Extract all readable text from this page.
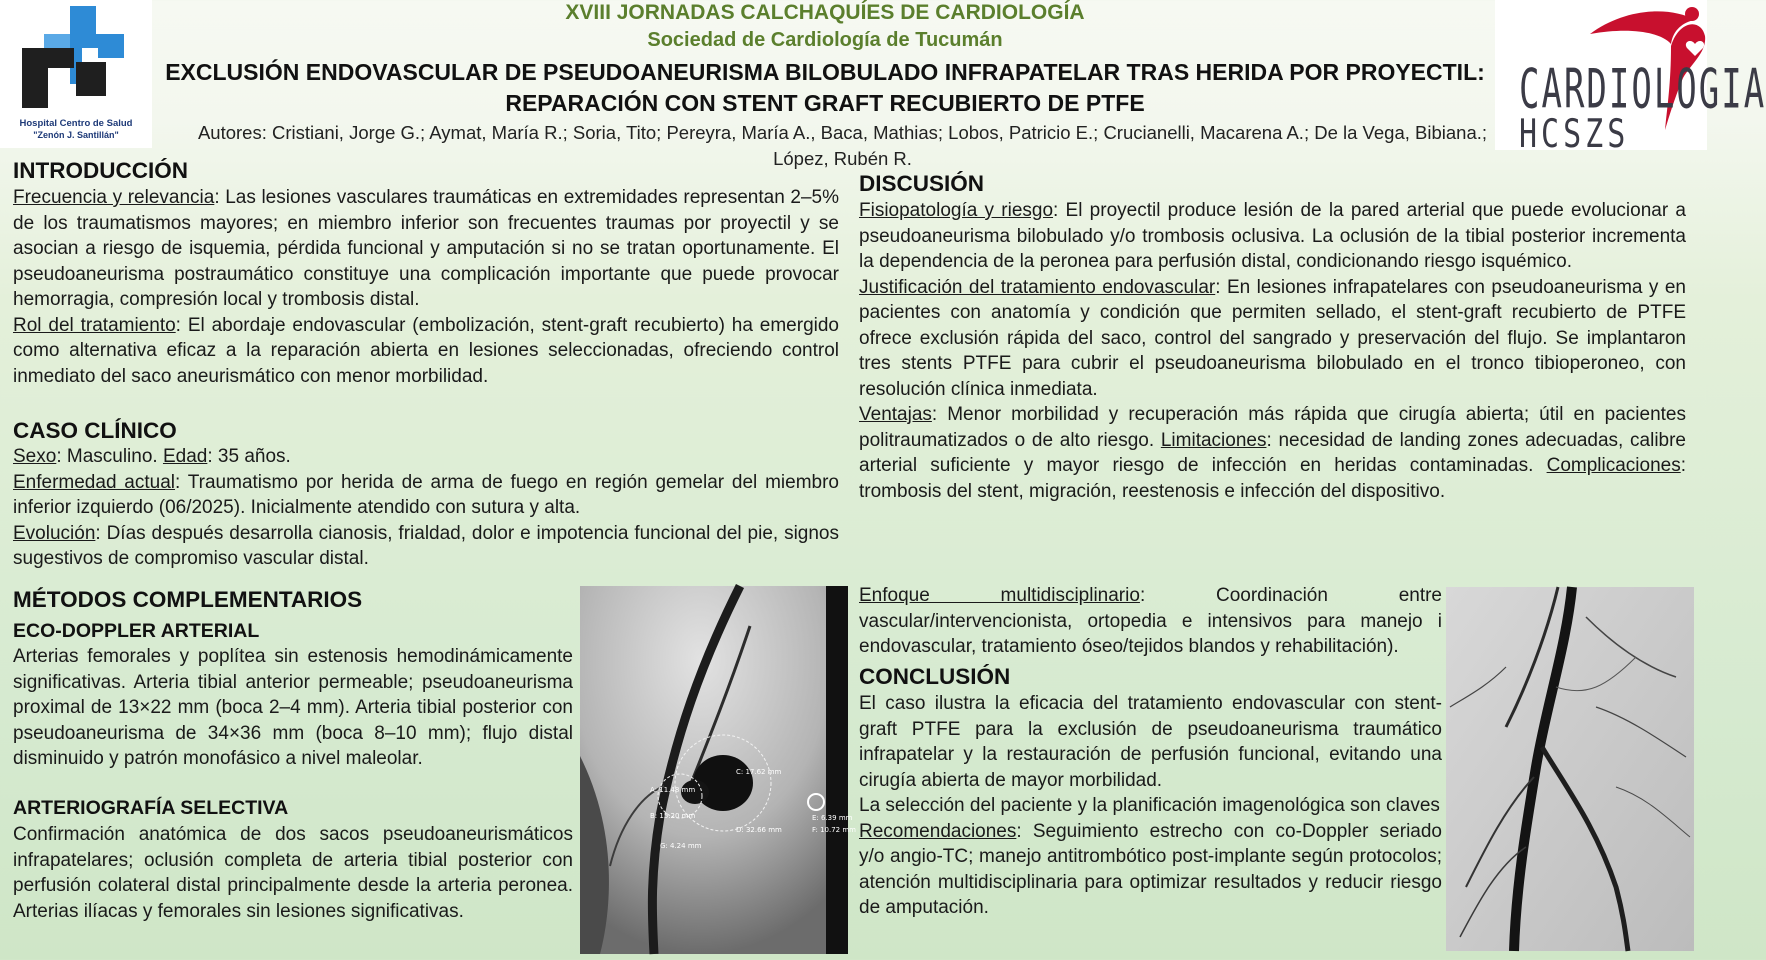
Hospital Centro de Salud
"Zenón J. Santillán"
CARDIOLOGIA
HCSZS
XVIII JORNADAS CALCHAQUÍES DE CARDIOLOGÍA
Sociedad de Cardiología de Tucumán
EXCLUSIÓN ENDOVASCULAR DE PSEUDOANEURISMA BILOBULADO INFRAPATELAR TRAS HERIDA POR PROYECTIL: REPARACIÓN CON STENT GRAFT RECUBIERTO DE PTFE
Autores: Cristiani, Jorge G.; Aymat, María R.; Soria, Tito; Pereyra, María A., Baca, Mathias; Lobos, Patricio E.; Crucianelli, Macarena A.; De la Vega, Bibiana.; López, Rubén R.
INTRODUCCIÓN
Frecuencia y relevancia: Las lesiones vasculares traumáticas en extremidades representan 2–5% de los traumatismos mayores; en miembro inferior son frecuentes traumas por proyectil y se asocian a riesgo de isquemia, pérdida funcional y amputación si no se tratan oportunamente. El pseudoaneurisma postraumático constituye una complicación importante que puede provocar hemorragia, compresión local y trombosis distal.
Rol del tratamiento: El abordaje endovascular (embolización, stent-graft recubierto) ha emergido como alternativa eficaz a la reparación abierta en lesiones seleccionadas, ofreciendo control inmediato del saco aneurismático con menor morbilidad.
CASO CLÍNICO
Sexo: Masculino. Edad: 35 años.
Enfermedad actual: Traumatismo por herida de arma de fuego en región gemelar del miembro inferior izquierdo (06/2025). Inicialmente atendido con sutura y alta.
Evolución: Días después desarrolla cianosis, frialdad, dolor e impotencia funcional del pie, signos sugestivos de compromiso vascular distal.
MÉTODOS COMPLEMENTARIOS
ECO-DOPPLER ARTERIAL
Arterias femorales y poplítea sin estenosis hemodinámicamente significativas. Arteria tibial anterior permeable; pseudoaneurisma proximal de 13×22 mm (boca 2–4 mm). Arteria tibial posterior con pseudoaneurisma de 34×36 mm (boca 8–10 mm); flujo distal disminuido y patrón monofásico a nivel maleolar.
ARTERIOGRAFÍA SELECTIVA
Confirmación anatómica de dos sacos pseudoaneurismáticos infrapatelares; oclusión completa de arteria tibial posterior con perfusión colateral distal principalmente desde la arteria peronea. Arterias ilíacas y femorales sin lesiones significativas.
A: 11.48 mm
B: 15.20 mm
C: 17.62 mm
D: 32.66 mm
E: 6.39 mm
F: 10.72 mm
G: 4.24 mm
DISCUSIÓN
Fisiopatología y riesgo: El proyectil produce lesión de la pared arterial que puede evolucionar a pseudoaneurisma bilobulado y/o trombosis oclusiva. La oclusión de la tibial posterior incrementa la dependencia de la peronea para perfusión distal, condicionando riesgo isquémico.
Justificación del tratamiento endovascular: En lesiones infrapatelares con pseudoaneurisma y en pacientes con anatomía y condición que permiten sellado, el stent-graft recubierto de PTFE ofrece exclusión rápida del saco, control del sangrado y preservación del flujo. Se implantaron tres stents PTFE para cubrir el pseudoaneurisma bilobulado en el tronco tibioperoneo, con resolución clínica inmediata.
Ventajas: Menor morbilidad y recuperación más rápida que cirugía abierta; útil en pacientes politraumatizados o de alto riesgo. Limitaciones: necesidad de landing zones adecuadas, calibre arterial suficiente y mayor riesgo de infección en heridas contaminadas. Complicaciones: trombosis del stent, migración, reestenosis e infección del dispositivo.
Enfoque multidisciplinario: Coordinación entre vascular/intervencionista, ortopedia e intensivos para manejo i endovascular, tratamiento óseo/tejidos blandos y rehabilitación).
CONCLUSIÓN
El caso ilustra la eficacia del tratamiento endovascular con stent-graft PTFE para la exclusión de pseudoaneurisma traumático infrapatelar y la restauración de perfusión funcional, evitando una cirugía abierta de mayor morbilidad.
La selección del paciente y la planificación imagenológica son claves
Recomendaciones: Seguimiento estrecho con co-Doppler seriado y/o angio-TC; manejo antitrombótico post-implante según protocolos; atención multidisciplinaria para optimizar resultados y reducir riesgo de amputación.
